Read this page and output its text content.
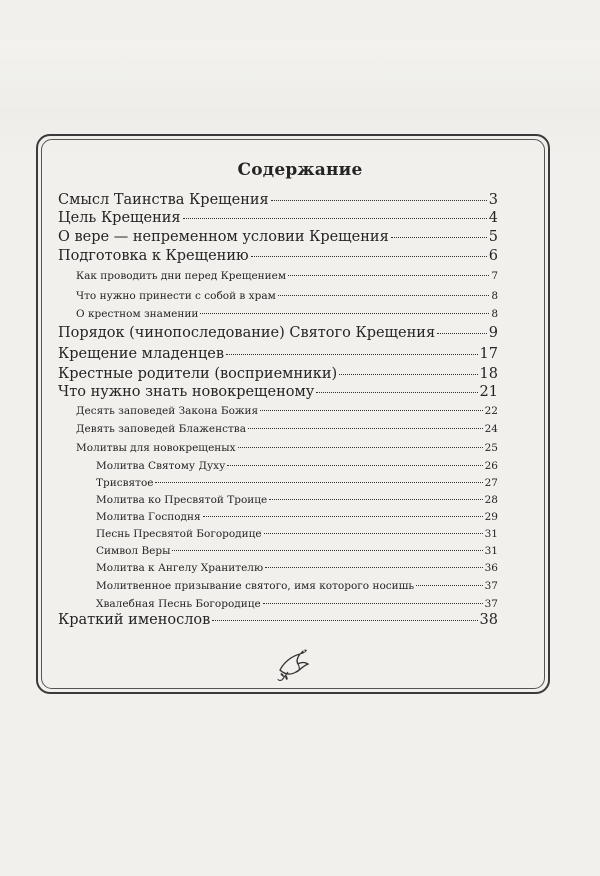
Содержание
Смысл Таинства Крещения	3
Цель Крещения	4
О вере — непременном условии Крещения	5
Подготовка к Крещению	6
Как проводить дни перед Крещением	7
Что нужно принести с собой в храм	8
О крестном знамении	8
Порядок (чинопоследование) Святого Крещения	9
Крещение младенцев	17
Крестные родители (восприемники)	18
Что нужно знать новокрещеному	21
Десять заповедей Закона Божия	22
Девять заповедей Блаженства	24
Молитвы для новокрещеных	25
Молитва Святому Духу	26
Трисвятое	27
Молитва ко Пресвятой Троице	28
Молитва Господня	29
Песнь Пресвятой Богородице	31
Символ Веры	31
Молитва к Ангелу Хранителю	36
Молитвенное призывание святого, имя которого носишь	37
Хвалебная Песнь Богородице	37
Краткий именослов	38
